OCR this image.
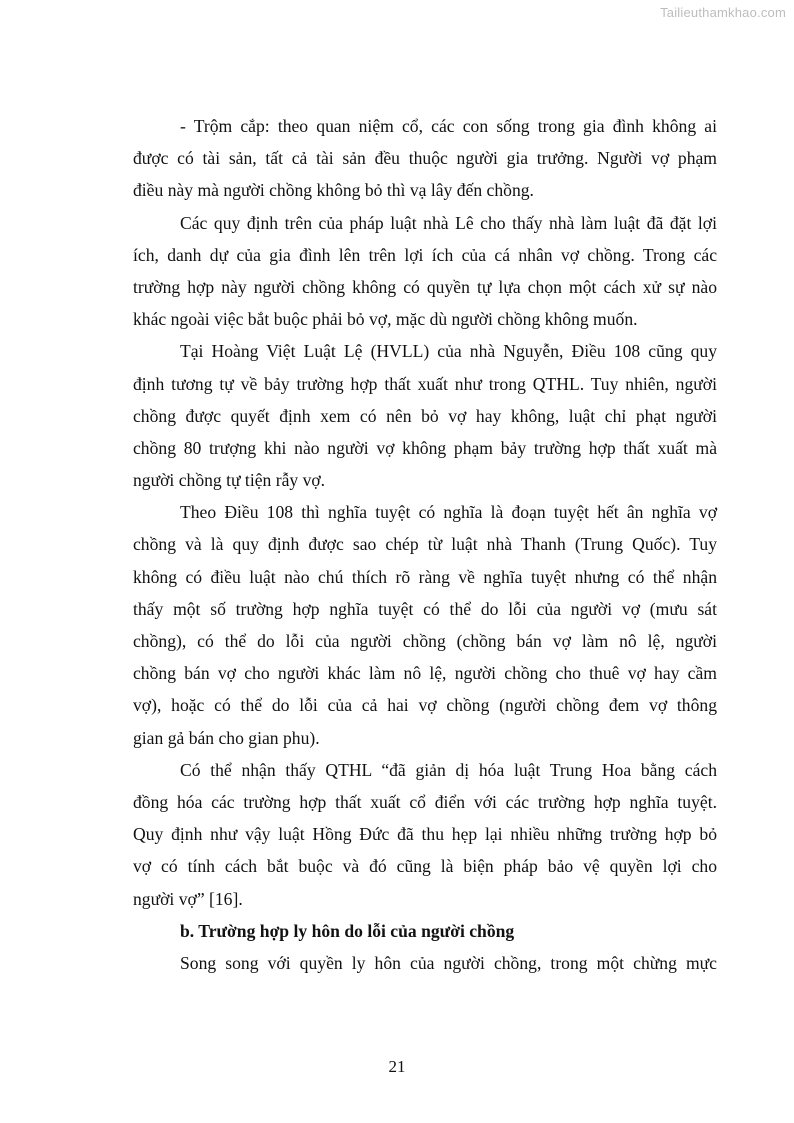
Tailieuthamkhao.com
- Trộm cắp: theo quan niệm cổ, các con sống trong gia đình không ai
được có tài sản, tất cả tài sản đều thuộc người gia trưởng. Người vợ phạm
điều này mà người chồng không bỏ thì vạ lây đến chồng.
Các quy định trên của pháp luật nhà Lê cho thấy nhà làm luật đã đặt lợi
ích, danh dự của gia đình lên trên lợi ích của cá nhân vợ chồng. Trong các
trường hợp này người chồng không có quyền tự lựa chọn một cách xử sự nào
khác ngoài việc bắt buộc phải bỏ vợ, mặc dù người chồng không muốn.
Tại Hoàng Việt Luật Lệ (HVLL) của nhà Nguyễn, Điều 108 cũng quy
định tương tự về bảy trường hợp thất xuất như trong QTHL. Tuy nhiên, người
chồng được quyết định xem có nên bỏ vợ hay không, luật chỉ phạt người
chồng 80 trượng khi nào người vợ không phạm bảy trường hợp thất xuất mà
người chồng tự tiện rẫy vợ.
Theo Điều 108 thì nghĩa tuyệt có nghĩa là đoạn tuyệt hết ân nghĩa vợ
chồng và là quy định được sao chép từ luật nhà Thanh (Trung Quốc). Tuy
không có điều luật nào chú thích rõ ràng về nghĩa tuyệt nhưng có thể nhận
thấy một số trường hợp nghĩa tuyệt có thể do lỗi của người vợ (mưu sát
chồng), có thể do lỗi của người chồng (chồng bán vợ làm nô lệ, người
chồng bán vợ cho người khác làm nô lệ, người chồng cho thuê vợ hay cầm
vợ), hoặc có thể do lỗi của cả hai vợ chồng (người chồng đem vợ thông
gian gả bán cho gian phu).
Có thể nhận thấy QTHL “đã giản dị hóa luật Trung Hoa bằng cách
đồng hóa các trường hợp thất xuất cổ điển với các trường hợp nghĩa tuyệt.
Quy định như vậy luật Hồng Đức đã thu hẹp lại nhiều những trường hợp bỏ
vợ có tính cách bắt buộc và đó cũng là biện pháp bảo vệ quyền lợi cho
người vợ” [16].
b. Trường hợp ly hôn do lỗi của người chồng
Song song với quyền ly hôn của người chồng, trong một chừng mực
21
